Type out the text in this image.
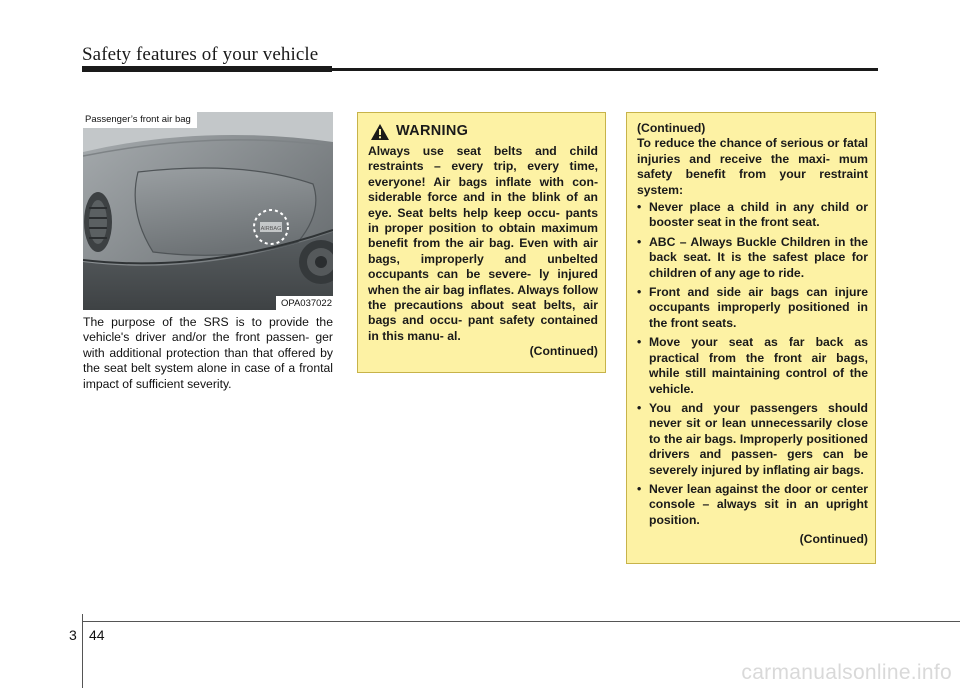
Safety features of your vehicle
AIRBAG
Passenger’s front air bag
OPA037022
The purpose of the SRS is to provide the vehicle's driver and/or the front passen- ger with additional protection than that offered by the seat belt system alone in case of a frontal impact of sufficient severity.
WARNING
Always use seat belts and child restraints – every trip, every time, everyone! Air bags inflate with con- siderable force and in the blink of an eye. Seat belts help keep occu- pants in proper position to obtain maximum benefit from the air bag. Even with air bags, improperly and unbelted occupants can be severe- ly injured when the air bag inflates. Always follow the precautions about seat belts, air bags and occu- pant safety contained in this manu- al.
(Continued)
(Continued)
To reduce the chance of serious or fatal injuries and receive the maxi- mum safety benefit from your restraint system:
• Never place a child in any child or booster seat in the front seat.
• ABC – Always Buckle Children in the back seat. It is the safest place for children of any age to ride.
• Front and side air bags can injure occupants improperly positioned in the front seats.
• Move your seat as far back as practical from the front air bags, while still maintaining control of the vehicle.
• You and your passengers should never sit or lean unnecessarily close to the air bags. Improperly positioned drivers and passen- gers can be severely injured by inflating air bags.
• Never lean against the door or center console – always sit in an upright position.
(Continued)
3 44
carmanualsonline.info
